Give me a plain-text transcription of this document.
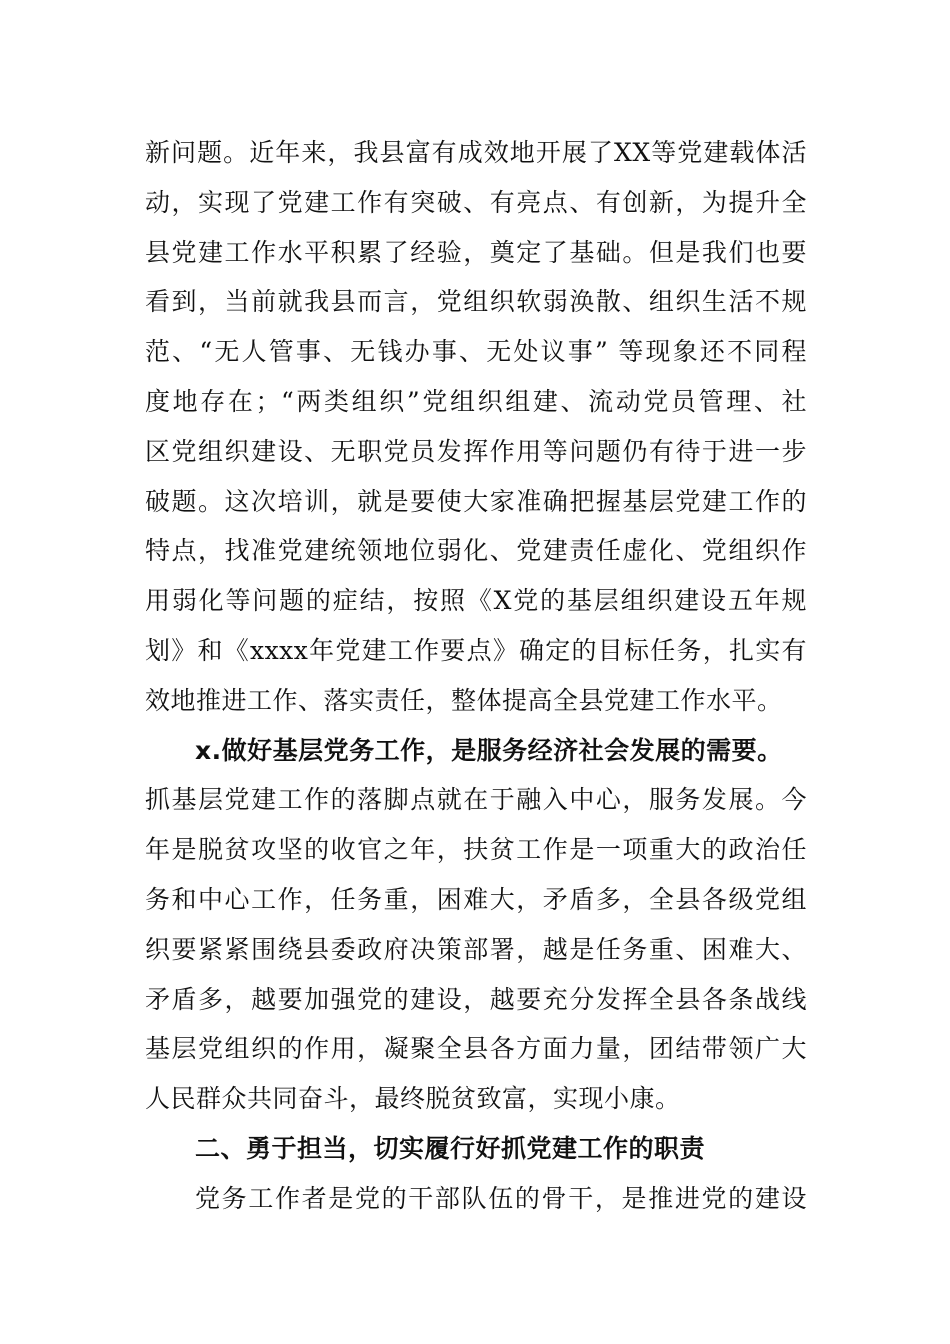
新问题。近年来，我县富有成效地开展了XX等党建载体活
动，实现了党建工作有突破、有亮点、有创新，为提升全
县党建工作水平积累了经验，奠定了基础。但是我们也要
看到，当前就我县而言，党组织软弱涣散、组织生活不规
范、“无人管事、无钱办事、无处议事” 等现象还不同程
度地存在；“两类组织”党组织组建、流动党员管理、社
区党组织建设、无职党员发挥作用等问题仍有待于进一步
破题。这次培训，就是要使大家准确把握基层党建工作的
特点，找准党建统领地位弱化、党建责任虚化、党组织作
用弱化等问题的症结，按照《X党的基层组织建设五年规
划》和《xxxx年党建工作要点》确定的目标任务，扎实有
效地推进工作、落实责任，整体提高全县党建工作水平。
x.做好基层党务工作，是服务经济社会发展的需要。
抓基层党建工作的落脚点就在于融入中心，服务发展。今
年是脱贫攻坚的收官之年，扶贫工作是一项重大的政治任
务和中心工作，任务重，困难大，矛盾多，全县各级党组
织要紧紧围绕县委政府决策部署，越是任务重、困难大、
矛盾多，越要加强党的建设，越要充分发挥全县各条战线
基层党组织的作用，凝聚全县各方面力量，团结带领广大
人民群众共同奋斗，最终脱贫致富，实现小康。
二、勇于担当，切实履行好抓党建工作的职责
党务工作者是党的干部队伍的骨干，是推进党的建设
